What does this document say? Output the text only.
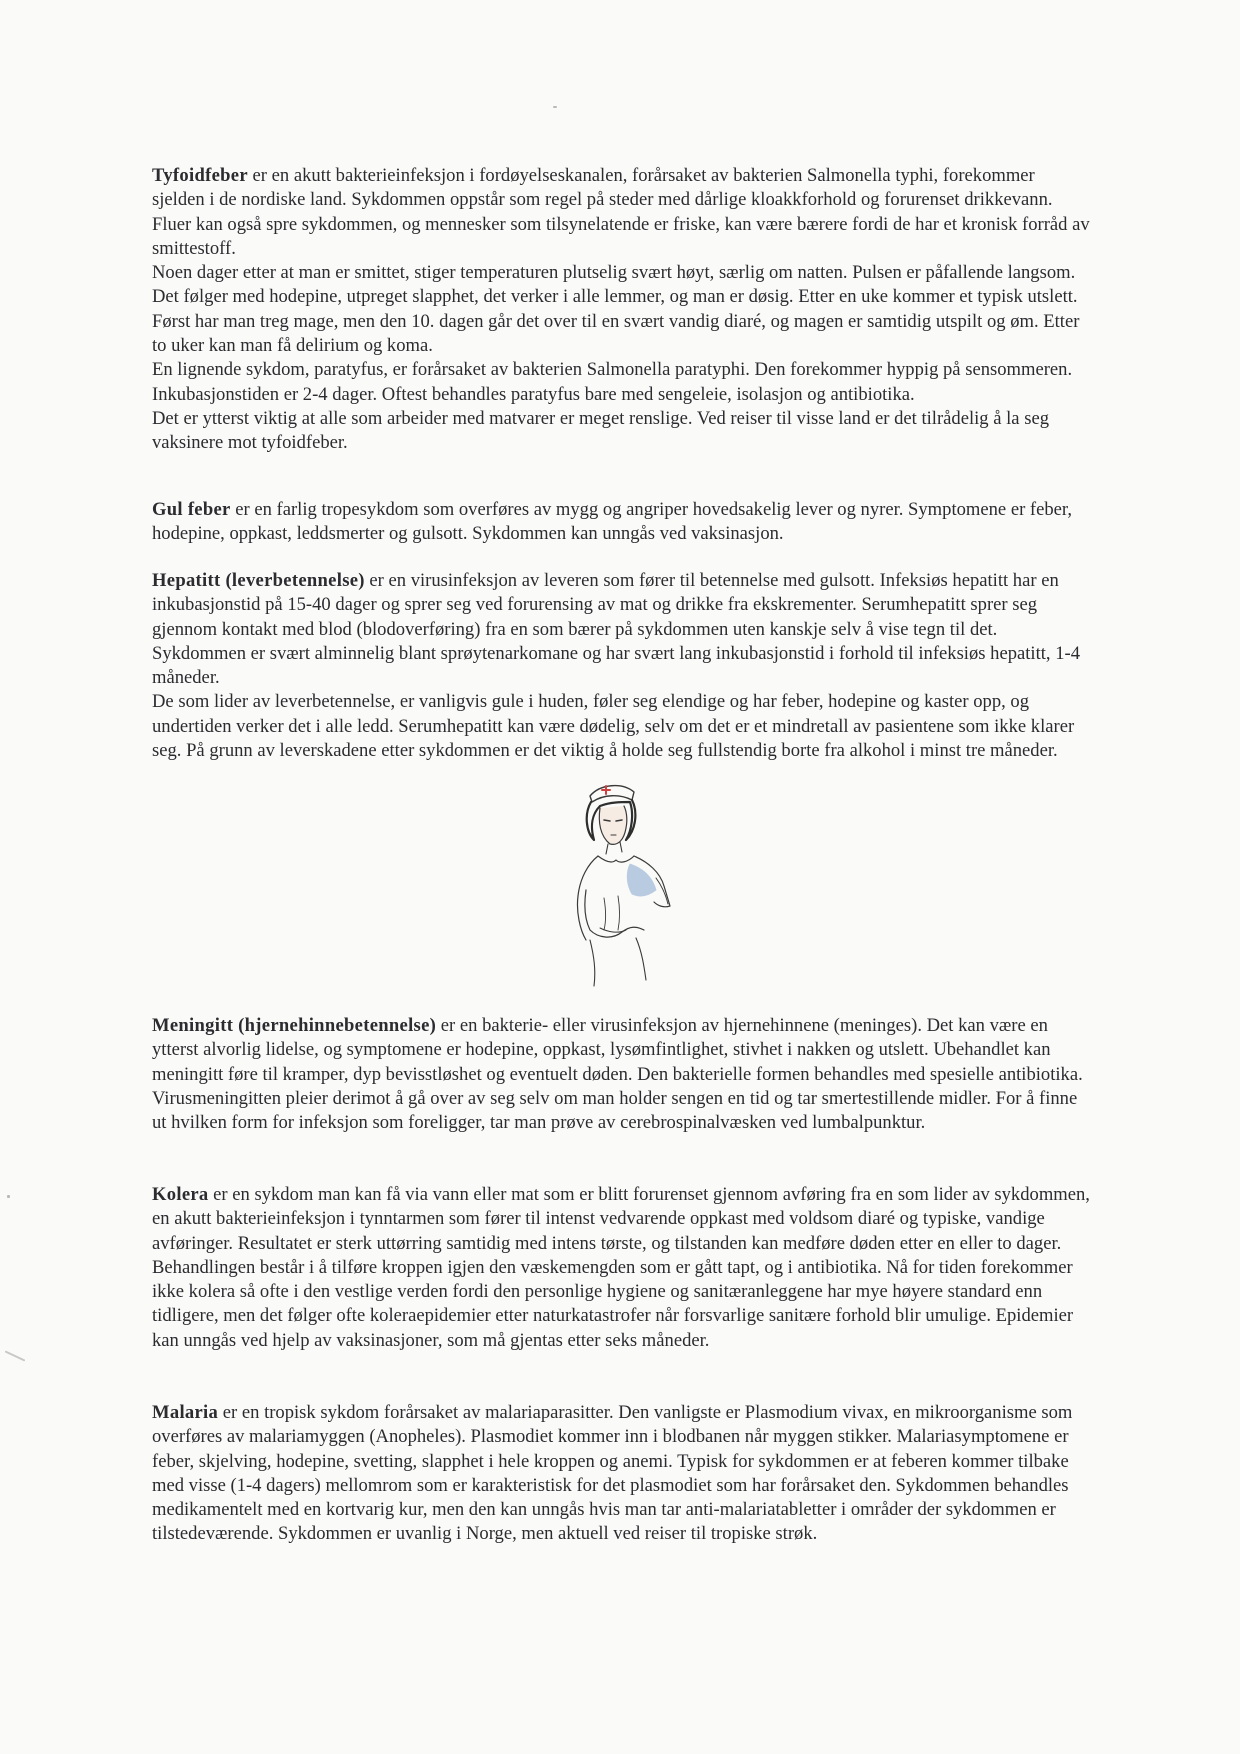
Tyfoidfeber er en akutt bakterieinfeksjon i fordøyelseskanalen, forårsaket av bakterien Salmonella typhi, forekommer sjelden i de nordiske land. Sykdommen oppstår som regel på steder med dårlige kloakkforhold og forurenset drikkevann. Fluer kan også spre sykdommen, og mennesker som tilsynelatende er friske, kan være bærere fordi de har et kronisk forråd av smittestoff.

Noen dager etter at man er smittet, stiger temperaturen plutselig svært høyt, særlig om natten. Pulsen er påfallende langsom. Det følger med hodepine, utpreget slapphet, det verker i alle lemmer, og man er døsig. Etter en uke kommer et typisk utslett. Først har man treg mage, men den 10. dagen går det over til en svært vandig diaré, og magen er samtidig utspilt og øm. Etter to uker kan man få delirium og koma.

En lignende sykdom, paratyfus, er forårsaket av bakterien Salmonella paratyphi. Den forekommer hyppig på sensommeren. Inkubasjonstiden er 2-4 dager. Oftest behandles paratyfus bare med sengeleie, isolasjon og antibiotika.

Det er ytterst viktig at alle som arbeider med matvarer er meget renslige. Ved reiser til visse land er det tilrådelig å la seg vaksinere mot tyfoidfeber.

Gul feber er en farlig tropesykdom som overføres av mygg og angriper hovedsakelig lever og nyrer. Symptomene er feber, hodepine, oppkast, leddsmerter og gulsott. Sykdommen kan unngås ved vaksinasjon.

Hepatitt (leverbetennelse) er en virusinfeksjon av leveren som fører til betennelse med gulsott. Infeksiøs hepatitt har en inkubasjonstid på 15-40 dager og sprer seg ved forurensing av mat og drikke fra ekskrementer. Serumhepatitt sprer seg gjennom kontakt med blod (blodoverføring) fra en som bærer på sykdommen uten kanskje selv å vise tegn til det. Sykdommen er svært alminnelig blant sprøytenarkomane og har svært lang inkubasjonstid i forhold til infeksiøs hepatitt, 1-4 måneder.

De som lider av leverbetennelse, er vanligvis gule i huden, føler seg elendige og har feber, hodepine og kaster opp, og undertiden verker det i alle ledd. Serumhepatitt kan være dødelig, selv om det er et mindretall av pasientene som ikke klarer seg. På grunn av leverskadene etter sykdommen er det viktig å holde seg fullstendig borte fra alkohol i minst tre måneder.

Meningitt (hjernehinnebetennelse) er en bakterie- eller virusinfeksjon av hjernehinnene (meninges). Det kan være en ytterst alvorlig lidelse, og symptomene er hodepine, oppkast, lysømfintlighet, stivhet i nakken og utslett. Ubehandlet kan meningitt føre til kramper, dyp bevisstløshet og eventuelt døden. Den bakterielle formen behandles med spesielle antibiotika. Virusmeningitten pleier derimot å gå over av seg selv om man holder sengen en tid og tar smertestillende midler. For å finne ut hvilken form for infeksjon som foreligger, tar man prøve av cerebrospinalvæsken ved lumbalpunktur.

Kolera er en sykdom man kan få via vann eller mat som er blitt forurenset gjennom avføring fra en som lider av sykdommen, en akutt bakterieinfeksjon i tynntarmen som fører til intenst vedvarende oppkast med voldsom diaré og typiske, vandige avføringer. Resultatet er sterk uttørring samtidig med intens tørste, og tilstanden kan medføre døden etter en eller to dager. Behandlingen består i å tilføre kroppen igjen den væskemengden som er gått tapt, og i antibiotika. Nå for tiden forekommer ikke kolera så ofte i den vestlige verden fordi den personlige hygiene og sanitæranleggene har mye høyere standard enn tidligere, men det følger ofte koleraepidemier etter naturkatastrofer når forsvarlige sanitære forhold blir umulige. Epidemier kan unngås ved hjelp av vaksinasjoner, som må gjentas etter seks måneder.

Malaria er en tropisk sykdom forårsaket av malariaparasitter. Den vanligste er Plasmodium vivax, en mikroorganisme som overføres av malariamyggen (Anopheles). Plasmodiet kommer inn i blodbanen når myggen stikker. Malariasymptomene er feber, skjelving, hodepine, svetting, slapphet i hele kroppen og anemi. Typisk for sykdommen er at feberen kommer tilbake med visse (1-4 dagers) mellomrom som er karakteristisk for det plasmodiet som har forårsaket den. Sykdommen behandles medikamentelt med en kortvarig kur, men den kan unngås hvis man tar anti-malariatabletter i områder der sykdommen er tilstedeværende. Sykdommen er uvanlig i Norge, men aktuell ved reiser til tropiske strøk.
